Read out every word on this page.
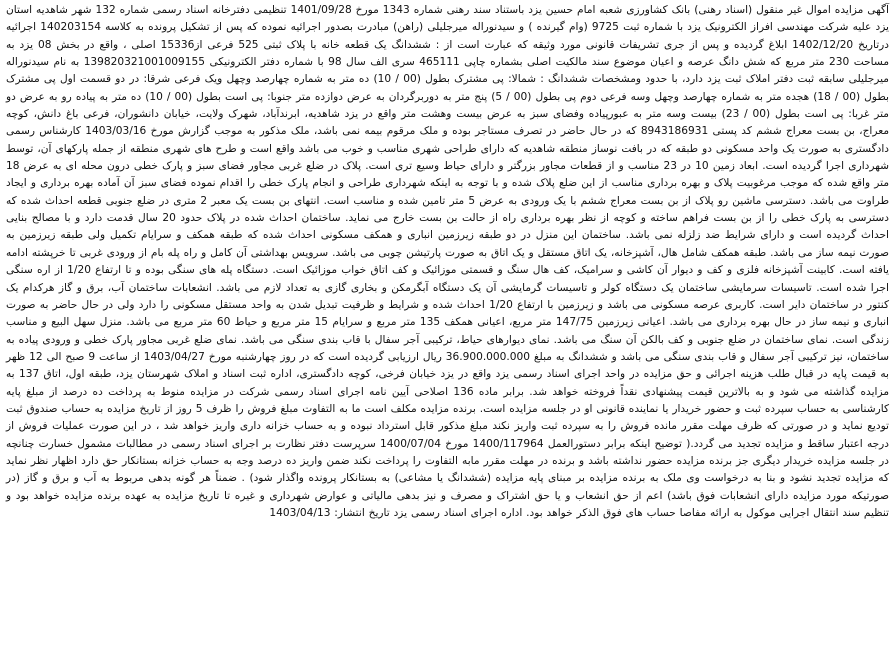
آگهی مزایده اموال غیر منقول (اسناد رهنی) بانک کشاورزی شعبه امام حسین یزد باستناد سند رهنی شماره 1343 مورخ 1401/09/28 تنظیمی دفترخانه اسناد رسمی شماره 132 شهر شاهدیه استان یزد علیه شرکت مهندسی افراز الکترونیک یزد با شماره ثبت 9725 (وام گیرنده ) و سیدنوراله میرجلیلی (راهن) مبادرت بصدور اجرائیه نموده که پس از تشکیل پرونده به کلاسه 140203154 اجرائیه درتاریخ 1402/12/20 ابلاغ گردیده و پس از جری تشریفات قانونی مورد وثیقه که عبارت است از : ششدانگ یک قطعه خانه با پلاک ثبتی 525 فرعی از15336 اصلی ، واقع در بخش 08 یزد به مساحت 230 متر مربع که شش دانگ عرصه و اعیان موضوع سند مالکیت اصلی بشماره چاپی 465111 سری الف سال 98 با شماره دفتر الکترونیکی 139820321001009155 به نام سیدنوراله میرجلیلی سابقه ثبت دفتر املاک ثبت یزد دارد، با حدود ومشخصات ششدانگ : شمالا: پی مشترک بطول (00 / 10) ده متر به شماره چهارصد وچهل ویک فرعی شرقا: در دو قسمت اول پی مشترک بطول (00 / 18) هجده متر به شماره چهارصد وچهل وسه فرعی دوم پی بطول (00 / 5) پنج متر به دوربرگردان به عرض دوازده متر جنوبا: پی است بطول (00 / 10) ده متر به پیاده رو به عرض دو متر غربا: پی است بطول (00 / 23) بیست وسه متر به عبورپیاده وفضای سبز به عرض بیست وهشت متر واقع در یزد شاهدیه، ابرندآباد، شهرک ولایت، خیابان دانشوران، فرعی باغ دانش، کوچه معراج، بن بست معراج ششم کد پستی 8943186931 که در حال حاضر در تصرف مستاجر بوده و ملک مرقوم بیمه نمی باشد، ملک مذکور به موجب گزارش مورخ 1403/03/16 کارشناس رسمی دادگستری به صورت یک واحد مسکونی دو طبقه که در بافت نوساز منطقه شاهدیه که دارای طراحی شهری مناسب و خوب می باشد واقع است و طرح های شهری منطقه از جمله پارکهای آن، توسط شهرداری اجرا گردیده است. ابعاد زمین 10 در 23 مناسب و از قطعات مجاور بزرگتر و دارای حیاط وسیع تری است. پلاک در ضلع غربی مجاور فضای سبز و پارک خطی درون محله ای به عرض 18 متر واقع شده که موجب مرغوبیت پلاک و بهره برداری مناسب از این ضلع پلاک شده و با توجه به اینکه شهرداری طراحی و انجام پارک خطی را اقدام نموده فضای سبز آن آماده بهره برداری و ایجاد طراوت می باشد. دسترسی ماشین رو پلاک از بن بست معراج ششم با یک ورودی به عرض 5 متر تامین شده و مناسب است. انتهای بن بست یک معبر 2 متری در ضلع جنوبی قطعه احداث شده که دسترسی به پارک خطی را از بن بست فراهم ساخته و کوچه از نظر بهره برداری راه از حالت بن بست خارج می نماید. ساختمان احداث شده در پلاک حدود 20 سال قدمت دارد و با مصالح بنایی احداث گردیده است و دارای شرایط ضد زلزله نمی باشد. ساختمان این منزل در دو طبقه زیرزمین انباری و همکف مسکونی احداث شده که طبقه همکف و سرایام تکمیل ولی طبقه زیرزمین به صورت نیمه ساز می باشد. طبقه همکف شامل هال، آشپزخانه، یک اتاق مستقل و یک اتاق به صورت پارتیشن چوبی می باشد. سرویس بهداشتی آن کامل و راه پله بام از ورودی غربی تا خرپشته ادامه یافته است. کابینت آشپزخانه فلزی و کف و دیوار آن کاشی و سرامیک، کف هال سنگ و قسمتی موزائیک و کف اتاق خواب موزائیک است. دستگاه پله های سنگی بوده و تا ارتفاع 1/20 از اره سنگی اجرا شده است. تاسیسات سرمایشی ساختمان یک دستگاه کولر و تاسیسات گرمایشی آن یک دستگاه آبگرمکن و بخاری گازی به تعداد لازم می باشد. انشعابات ساختمان آب، برق و گاز هرکدام یک کنتور در ساختمان دایر است. کاربری عرصه مسکونی می باشد و زیرزمین با ارتفاع 1/20 احداث شده و شرایط و ظرفیت تبدیل شدن به واحد مستقل مسکونی را دارد ولی در حال حاضر به صورت انباری و نیمه ساز در حال بهره برداری می باشد. اعیانی زیرزمین 147/75 متر مربع، اعیانی همکف 135 متر مربع و سرایام 15 متر مربع و حیاط 60 متر مربع می باشد. منزل سهل البیع و مناسب زندگی است. نمای ساختمان در ضلع جنوبی و کف بالکن آن سنگ می باشد. نمای دیوارهای حیاط، ترکیبی آجر سفال با قاب بندی سنگی می باشد. نمای ضلع غربی مجاور پارک خطی و ورودی پیاده به ساختمان، نیز ترکیبی آجر سفال و قاب بندی سنگی می باشد و ششدانگ به مبلغ 36.900.000.000 ریال ارزیابی گردیده است که در روز چهارشنبه مورخ 1403/04/27 از ساعت 9 صبح الی 12 ظهر به قیمت پایه در قبال طلب هزینه اجرائی و حق مزایده در واحد اجرای اسناد رسمی یزد واقع در یزد خیابان فرخی، کوچه دادگستری، اداره ثبت اسناد و املاک شهرستان یزد، طبقه اول، اتاق 137 به مزایده گذاشته می شود و به بالاترین قیمت پیشنهادی نقداً فروخته خواهد شد. برابر ماده 136 اصلاحی آیین نامه اجرای اسناد رسمی شرکت در مزایده منوط به پرداخت ده درصد از مبلغ پایه کارشناسی به حساب سپرده ثبت و حضور خریدار یا نماینده قانونی او در جلسه مزایده است. برنده مزایده مکلف است ما به التفاوت مبلغ فروش را ظرف 5 روز از تاریخ مزایده به حساب صندوق ثبت تودیع نماید و در صورتی که ظرف مهلت مقرر مانده فروش را به سپرده ثبت واریز نکند مبلغ مذکور قابل استرداد نبوده و به حساب خزانه داری واریز خواهد شد ، در این صورت عملیات فروش از درجه اعتبار ساقط و مزایده تجدید می گردد.( توضیح اینکه برابر دستورالعمل 1400/117964 مورخ 1400/07/04 سرپرست دفتر نظارت بر اجرای اسناد رسمی در مطالبات مشمول خسارت چنانچه در جلسه مزایده خریدار دیگری جز برنده مزایده حضور نداشته باشد و برنده در مهلت مقرر مابه التفاوت را پرداخت نکند ضمن واریز ده درصد وجه به حساب خزانه بستانکار حق دارد اظهار نظر نماید که مزایده تجدید نشود و بنا به درخواست وی ملک به برنده مزایده بر مبنای پایه مزایده (ششدانگ یا مشاعی) به بستانکار پرونده واگذار شود) . ضمناً هر گونه بدهی مربوط به آب و برق و گاز (در صورتیکه مورد مزایده دارای انشعابات فوق باشد) اعم از حق انشعاب و یا حق اشتراک و مصرف و نیز بدهی مالیاتی و عوارض شهرداری و غیره تا تاریخ مزایده به عهده برنده مزایده خواهد بود و تنظیم سند انتقال اجرایی موکول به ارائه مفاصا حساب های فوق الذکر خواهد بود. اداره اجرای اسناد رسمی یزد تاریخ انتشار: 1403/04/13
